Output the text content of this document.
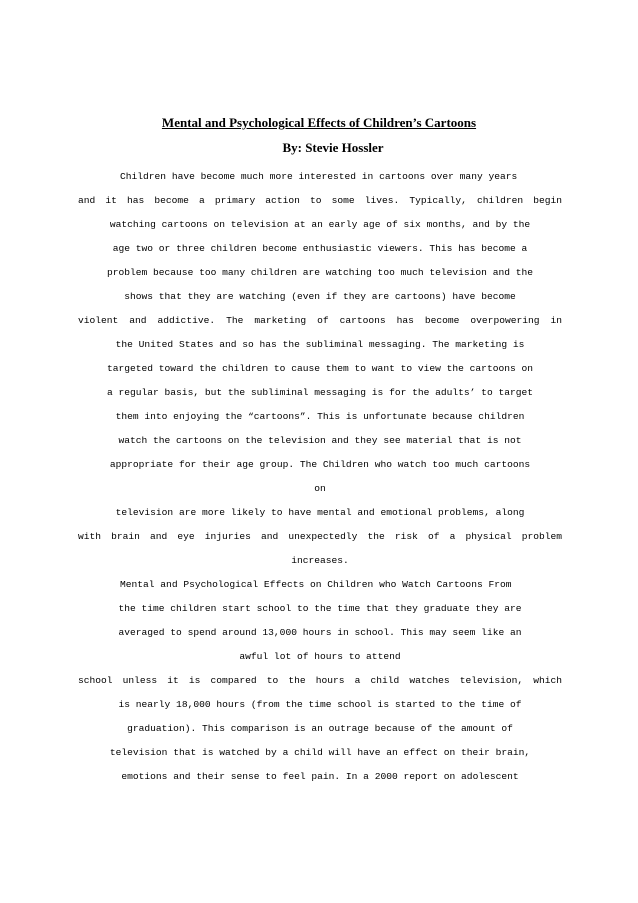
Mental and Psychological Effects of Children’s Cartoons
By: Stevie Hossler
Children have become much more interested in cartoons over many years
and it has become a primary action to some lives. Typically, children begin
watching cartoons on television at an early age of six months, and by the
age two or three children become enthusiastic viewers. This has become a
problem because too many children are watching too much television and the
shows that they are watching (even if they are cartoons) have become
violent and addictive. The marketing of cartoons has become overpowering in
the United States and so has the subliminal messaging. The marketing is
targeted toward the children to cause them to want to view the cartoons on
a regular basis, but the subliminal messaging is for the adults’ to target
them into enjoying the “cartoons”. This is unfortunate because children
watch the cartoons on the television and they see material that is not
appropriate for their age group. The Children who watch too much cartoons
on
television are more likely to have mental and emotional problems, along
with brain and eye injuries and unexpectedly the risk of a physical problem
increases.
Mental and Psychological Effects on Children who Watch Cartoons From
the time children start school to the time that they graduate they are
averaged to spend around 13,000 hours in school. This may seem like an
awful lot of hours to attend
school unless it is compared to the hours a child watches television, which
is nearly 18,000 hours (from the time school is started to the time of
graduation). This comparison is an outrage because of the amount of
television that is watched by a child will have an effect on their brain,
emotions and their sense to feel pain. In a 2000 report on adolescent
